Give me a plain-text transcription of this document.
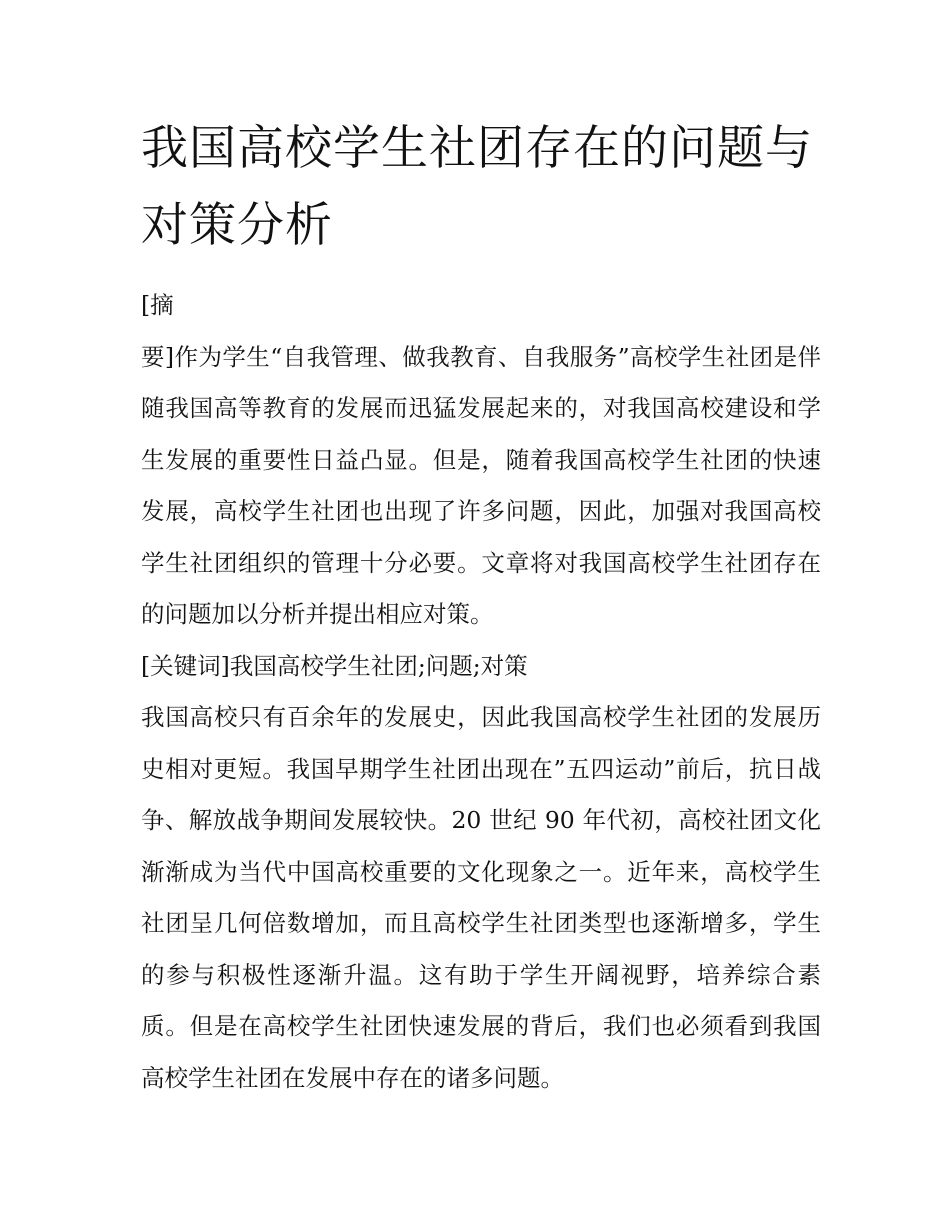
我国高校学生社团存在的问题与对策分析

[摘

要]作为学生“自我管理、做我教育、自我服务”高校学生社团是伴随我国高等教育的发展而迅猛发展起来的，对我国高校建设和学生发展的重要性日益凸显。但是，随着我国高校学生社团的快速发展，高校学生社团也出现了许多问题，因此，加强对我国高校学生社团组织的管理十分必要。文章将对我国高校学生社团存在的问题加以分析并提出相应对策。

[关键词]我国高校学生社团;问题;对策

我国高校只有百余年的发展史，因此我国高校学生社团的发展历史相对更短。我国早期学生社团出现在”五四运动”前后，抗日战争、解放战争期间发展较快。20 世纪 90 年代初，高校社团文化渐渐成为当代中国高校重要的文化现象之一。近年来，高校学生社团呈几何倍数增加，而且高校学生社团类型也逐渐增多，学生的参与积极性逐渐升温。这有助于学生开阔视野，培养综合素质。但是在高校学生社团快速发展的背后，我们也必须看到我国高校学生社团在发展中存在的诸多问题。
